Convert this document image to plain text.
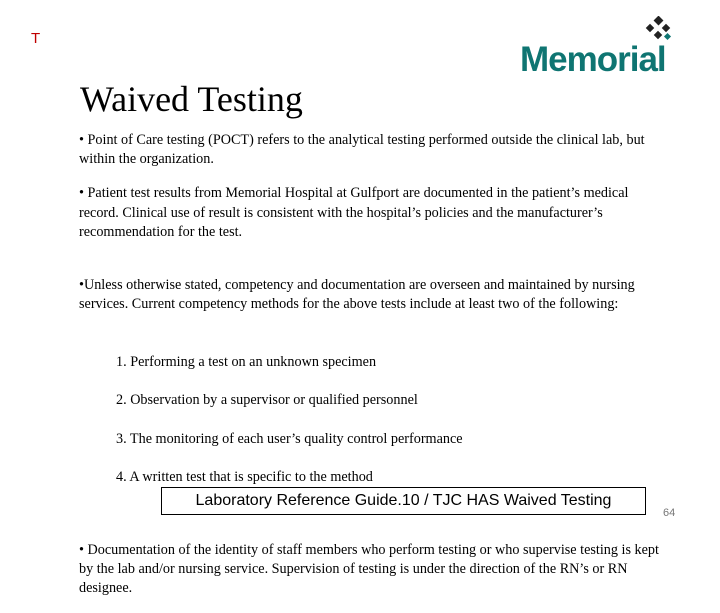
T
Memorial
Waived Testing

• Point of Care testing (POCT) refers to the analytical testing performed outside the clinical lab, but within the organization.

• Patient test results from Memorial Hospital at Gulfport are documented in the patient’s medical record. Clinical use of result is consistent with the hospital’s policies and the manufacturer’s recommendation for the test.

•Unless otherwise stated, competency and documentation are overseen and maintained by nursing services. Current competency methods for the above tests include at least two of the following:

1. Performing a test on an unknown specimen

2. Observation by a supervisor or qualified personnel

3. The monitoring of each user’s quality control performance

4. A written test that is specific to the method

• Documentation of the identity of staff members who perform testing or who supervise testing is kept by the lab and/or nursing service. Supervision of testing is under the direction of the RN’s or RN designee.

Laboratory Reference Guide.10 / TJC HAS Waived Testing
64
